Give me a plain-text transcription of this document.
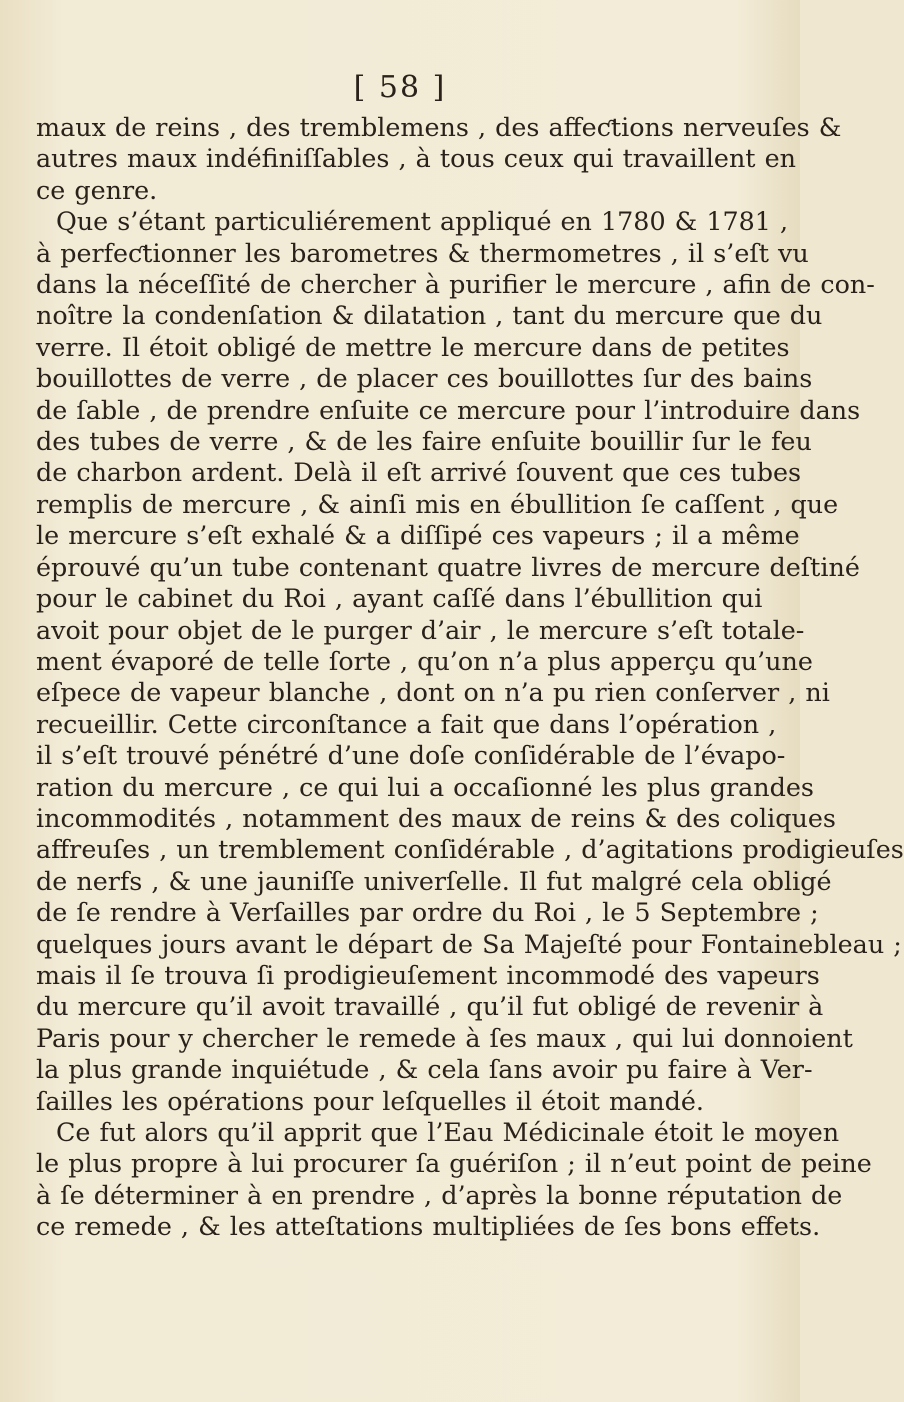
[ 58 ]

maux de reins , des tremblemens , des affeƈtions nerveuſes &
autres maux indéfiniſſables , à tous ceux qui travaillent en
ce genre.

Que s’étant particuliérement appliqué en 1780 & 1781 ,
à perfeƈtionner les barometres & thermometres , il s’eſt vu
dans la néceſſité de chercher à purifier le mercure , afin de con-
noître la condenſation & dilatation , tant du mercure que du
verre. Il étoit obligé de mettre le mercure dans de petites
bouillottes de verre , de placer ces bouillottes ſur des bains
de ſable , de prendre enſuite ce mercure pour l’introduire dans
des tubes de verre , & de les faire enſuite bouillir ſur le feu
de charbon ardent. Delà il eſt arrivé ſouvent que ces tubes
remplis de mercure , & ainſi mis en ébullition ſe caſſent , que
le mercure s’eſt exhalé & a diſſipé ces vapeurs ; il a même
éprouvé qu’un tube contenant quatre livres de mercure deſtiné
pour le cabinet du Roi , ayant caſſé dans l’ébullition qui
avoit pour objet de le purger d’air , le mercure s’eſt totale-
ment évaporé de telle ſorte , qu’on n’a plus apperçu qu’une
eſpece de vapeur blanche , dont on n’a pu rien conſerver , ni
recueillir. Cette circonſtance a fait que dans l’opération ,
il s’eſt trouvé pénétré d’une doſe conſidérable de l’évapo-
ration du mercure , ce qui lui a occaſionné les plus grandes
incommodités , notamment des maux de reins & des coliques
affreuſes , un tremblement conſidérable , d’agitations prodigieuſes
de nerfs , & une jauniſſe univerſelle. Il fut malgré cela obligé
de ſe rendre à Verſailles par ordre du Roi , le 5 Septembre ;
quelques jours avant le départ de Sa Majeſté pour Fontainebleau ;
mais il ſe trouva ſi prodigieuſement incommodé des vapeurs
du mercure qu’il avoit travaillé , qu’il fut obligé de revenir à
Paris pour y chercher le remede à ſes maux , qui lui donnoient
la plus grande inquiétude , & cela ſans avoir pu faire à Ver-
ſailles les opérations pour leſquelles il étoit mandé.

Ce fut alors qu’il apprit que l’Eau Médicinale étoit le moyen
le plus propre à lui procurer ſa guériſon ; il n’eut point de peine
à ſe déterminer à en prendre , d’après la bonne réputation de
ce remede , & les atteſtations multipliées de ſes bons effets.
